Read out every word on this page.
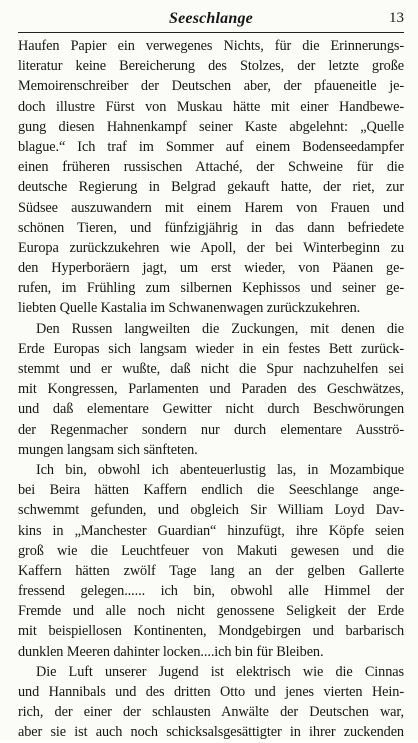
Seeschlange	13
Haufen Papier ein verwegenes Nichts, für die Erinnerungs-
literatur keine Bereicherung des Stolzes, der letzte große
Memoirenschreiber der Deutschen aber, der pfaueneitle je-
doch illustre Fürst von Muskau hätte mit einer Handbewe-
gung diesen Hahnenkampf seiner Kaste abgelehnt: „Quelle
blague.“ Ich traf im Sommer auf einem Bodenseedampfer
einen früheren russischen Attaché, der Schweine für die
deutsche Regierung in Belgrad gekauft hatte, der riet, zur
Südsee auszuwandern mit einem Harem von Frauen und
schönen Tieren, und fünfzigjährig in das dann befriedete
Europa zurückzukehren wie Apoll, der bei Winterbeginn zu
den Hyperboräern jagt, um erst wieder, von Päanen ge-
rufen, im Frühling zum silbernen Kephissos und seiner ge-
liebten Quelle Kastalia im Schwanenwagen zurückzukehren.
Den Russen langweilten die Zuckungen, mit denen die
Erde Europas sich langsam wieder in ein festes Bett zurück-
stemmt und er wußte, daß nicht die Spur nachzuhelfen sei
mit Kongressen, Parlamenten und Paraden des Geschwätzes,
und daß elementare Gewitter nicht durch Beschwörungen
der Regenmacher sondern nur durch elementare Ausströ-
mungen langsam sich sänfteten.
Ich bin, obwohl ich abenteuerlustig las, in Mozambique
bei Beira hätten Kaffern endlich die Seeschlange ange-
schwemmt gefunden, und obgleich Sir William Loyd Dav-
kins in „Manchester Guardian“ hinzufügt, ihre Köpfe seien
groß wie die Leuchtfeuer von Makuti gewesen und die
Kaffern hätten zwölf Tage lang an der gelben Gallerte
fressend gelegen...... ich bin, obwohl alle Himmel der
Fremde und alle noch nicht genossene Seligkeit der Erde
mit beispiellosen Kontinenten, Mondgebirgen und barbarisch
dunklen Meeren dahinter locken....ich bin für Bleiben.
Die Luft unserer Jugend ist elektrisch wie die Cinnas
und Hannibals und des dritten Otto und jenes vierten Hein-
rich, der einer der schlausten Anwälte der Deutschen war,
aber sie ist auch noch schicksalsgesättigter in ihrer zuckenden
